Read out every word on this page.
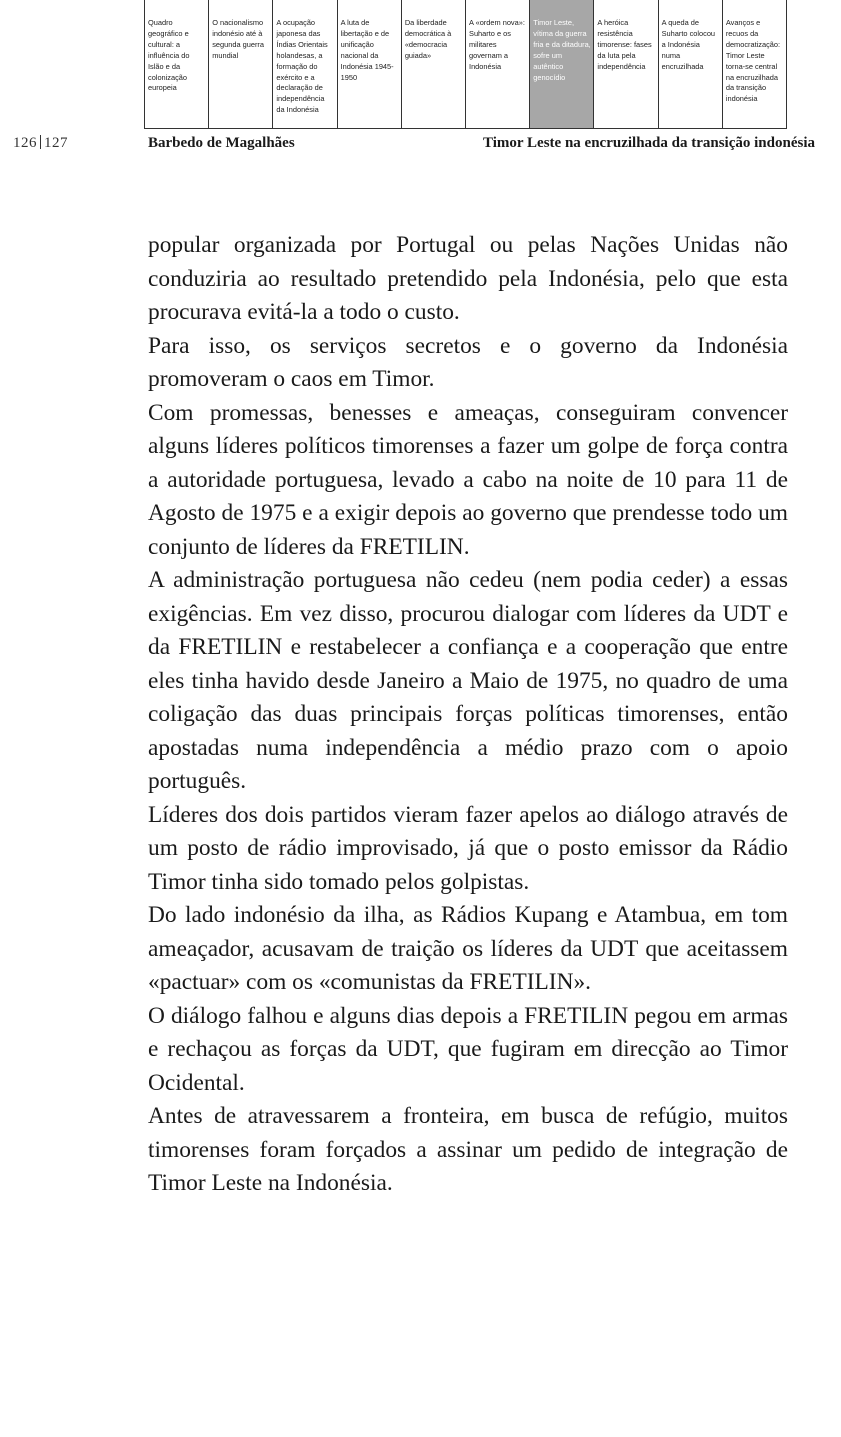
Quadro geográfico e cultural: a influência do Islão e da colonização europeia
O nacionalismo indonésio até à segunda guerra mundial
A ocupação japonesa das Índias Orientais holandesas, a formação do exército e a declaração de independência da Indonésia
A luta de libertação e de unificação nacional da Indonésia 1945-1950
Da liberdade democrática à «democracia guiada»
A «ordem nova»: Suharto e os militares governam a Indonésia
Timor Leste, vítima da guerra fria e da ditadura, sofre um autêntico genocídio
A heróica resistência timorense: fases da luta pela independência
A queda de Suharto colocou a Indonésia numa encruzilhada
Avanços e recuos da democratização: Timor Leste torna-se central na encruzilhada da transição indonésia
126 127	Barbedo de Magalhães	Timor Leste na encruzilhada da transição indonésia

popular organizada por Portugal ou pelas Nações Unidas não conduziria ao resultado pretendido pela Indonésia, pelo que esta procurava evitá-la a todo o custo.

Para isso, os serviços secretos e o governo da Indonésia promoveram o caos em Timor.

Com promessas, benesses e ameaças, conseguiram convencer alguns líderes políticos timorenses a fazer um golpe de força contra a autoridade portuguesa, levado a cabo na noite de 10 para 11 de Agosto de 1975 e a exigir depois ao governo que prendesse todo um conjunto de líderes da FRETILIN.

A administração portuguesa não cedeu (nem podia ceder) a essas exigências. Em vez disso, procurou dialogar com líderes da UDT e da FRETILIN e restabelecer a confiança e a cooperação que entre eles tinha havido desde Janeiro a Maio de 1975, no quadro de uma coligação das duas principais forças políticas timorenses, então apostadas numa independência a médio prazo com o apoio português.

Líderes dos dois partidos vieram fazer apelos ao diálogo através de um posto de rádio improvisado, já que o posto emissor da Rádio Timor tinha sido tomado pelos golpistas.

Do lado indonésio da ilha, as Rádios Kupang e Atambua, em tom ameaçador, acusavam de traição os líderes da UDT que aceitassem «pactuar» com os «comunistas da FRETILIN».

O diálogo falhou e alguns dias depois a FRETILIN pegou em armas e rechaçou as forças da UDT, que fugiram em direcção ao Timor Ocidental.

Antes de atravessarem a fronteira, em busca de refúgio, muitos timorenses foram forçados a assinar um pedido de integração de Timor Leste na Indonésia.
